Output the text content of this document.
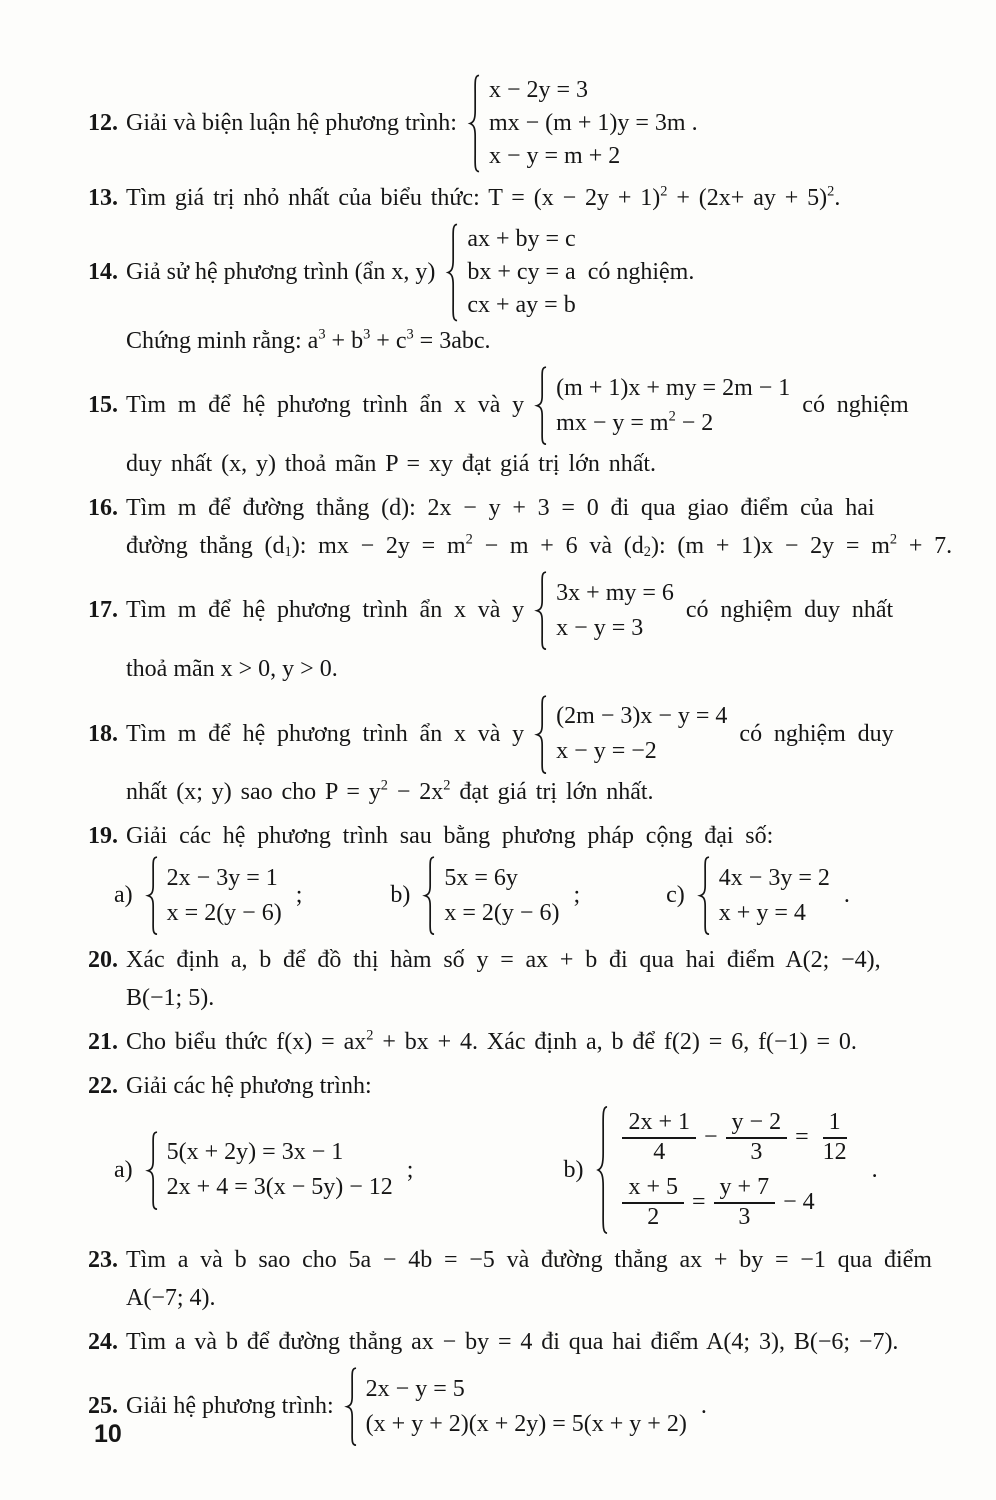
12. Giải và biện luận hệ phương trình:
x − 2y = 3
mx − (m + 1)y = 3m .
x − y = m + 2
13. Tìm giá trị nhỏ nhất của biểu thức: $T = (x - 2y + 1)^2 + (2x+$ ay + 5)$^2$.
14. Giả sử hệ phương trình (ẩn x, y)
ax + by = c
bx + cy = a
cx + ay = b
có nghiệm.
Chứng minh rằng: $a^3 + b^3 + c^3 = 3abc$.
15. Tìm m để hệ phương trình ẩn x và y
(m + 1)x + my = 2m − 1
mx − $y = m^2 - 2$
có nghiệm
duy nhất (x, y) thoả mãn P = xy đạt giá trị lớn nhất.
16. Tìm m để đường thẳng (d): 2x − y + 3 = 0 đi qua giao điểm của hai
đường thẳng $(d_1)$: mx − $2y = m^2 - m + 6$ và $(d_2)$: $(m + 1)x - 2y = m^2 + 7$.
17. Tìm m để hệ phương trình ẩn x và y
3x + my = 6
x − y = 3
có nghiệm duy nhất
thoả mãn x > 0, y > 0.
18. Tìm m để hệ phương trình ẩn x và y
(2m − 3)x − y = 4
x − y = −2
có nghiệm duy
nhất (x; y) sao cho $P = y^2 - 2x^2$ đạt giá trị lớn nhất.
19. Giải các hệ phương trình sau bằng phương pháp cộng đại số:
a)
2x − 3y = 1
x = 2(y − 6)
;	b)
5x = 6y
x = 2(y − 6)
;	c)
4x − 3y = 2
x + y = 4
.
20. Xác định a, b để đồ thị hàm số y = ax + b đi qua hai điểm A(2; −4),
B(−1; 5).
21. Cho biểu thức $f(x) = ax^2$ + bx + 4. Xác định a, b để f(2) = 6, f(−1) = 0.
22. Giải các hệ phương trình:
a)
5(x + 2y) = 3x − 1
2x + 4 = 3(x − 5y) − 12
;	b)
$\frac{2x + 1}{4} - \frac{y - 2}{3} = \frac{1}{12}$
$\frac{x + 5}{2} = \frac{y + 7}{3} - 4$
.
23. Tìm a và b sao cho 5a − 4b = −5 và đường thẳng ax + by = −1 qua điểm
A(−7; 4).
24. Tìm a và b để đường thẳng ax − by = 4 đi qua hai điểm A(4; 3), B(−6; −7).
25. Giải hệ phương trình:
2x − y = 5
(x + y + 2)(x + 2y) = 5(x + y + 2)
.
10
